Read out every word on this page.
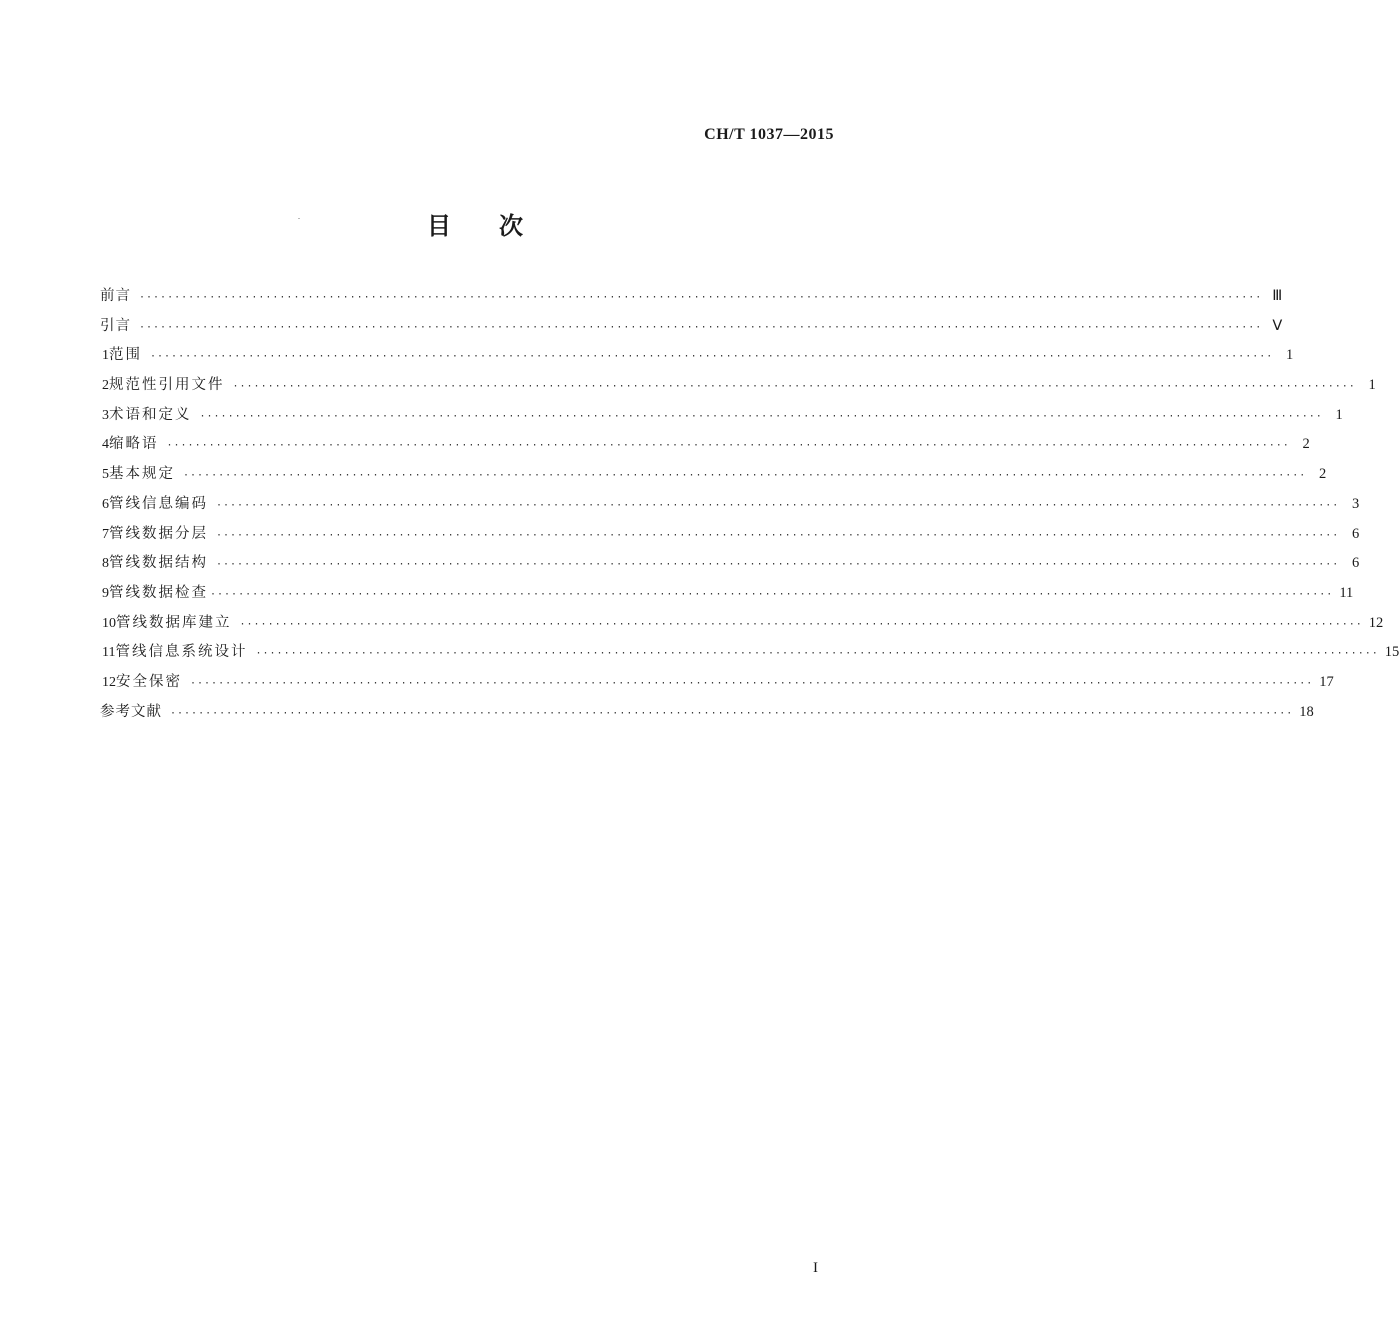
CH/T 1037—2015
目次
前言 ································································································································································ Ⅲ
引言 ································································································································································ Ⅴ
1 范围 ································································································································································ 1
2 规范性引用文件 ································································································································································ 1
3 术语和定义 ································································································································································ 1
4 缩略语 ································································································································································ 2
5 基本规定 ································································································································································ 2
6 管线信息编码 ································································································································································ 3
7 管线数据分层 ································································································································································ 6
8 管线数据结构 ································································································································································ 6
9 管线数据检查 ································································································································································ 11
10 管线数据库建立 ································································································································································ 12
11 管线信息系统设计 ································································································································································ 15
12 安全保密 ································································································································································ 17
参考文献 ································································································································································ 18
I
